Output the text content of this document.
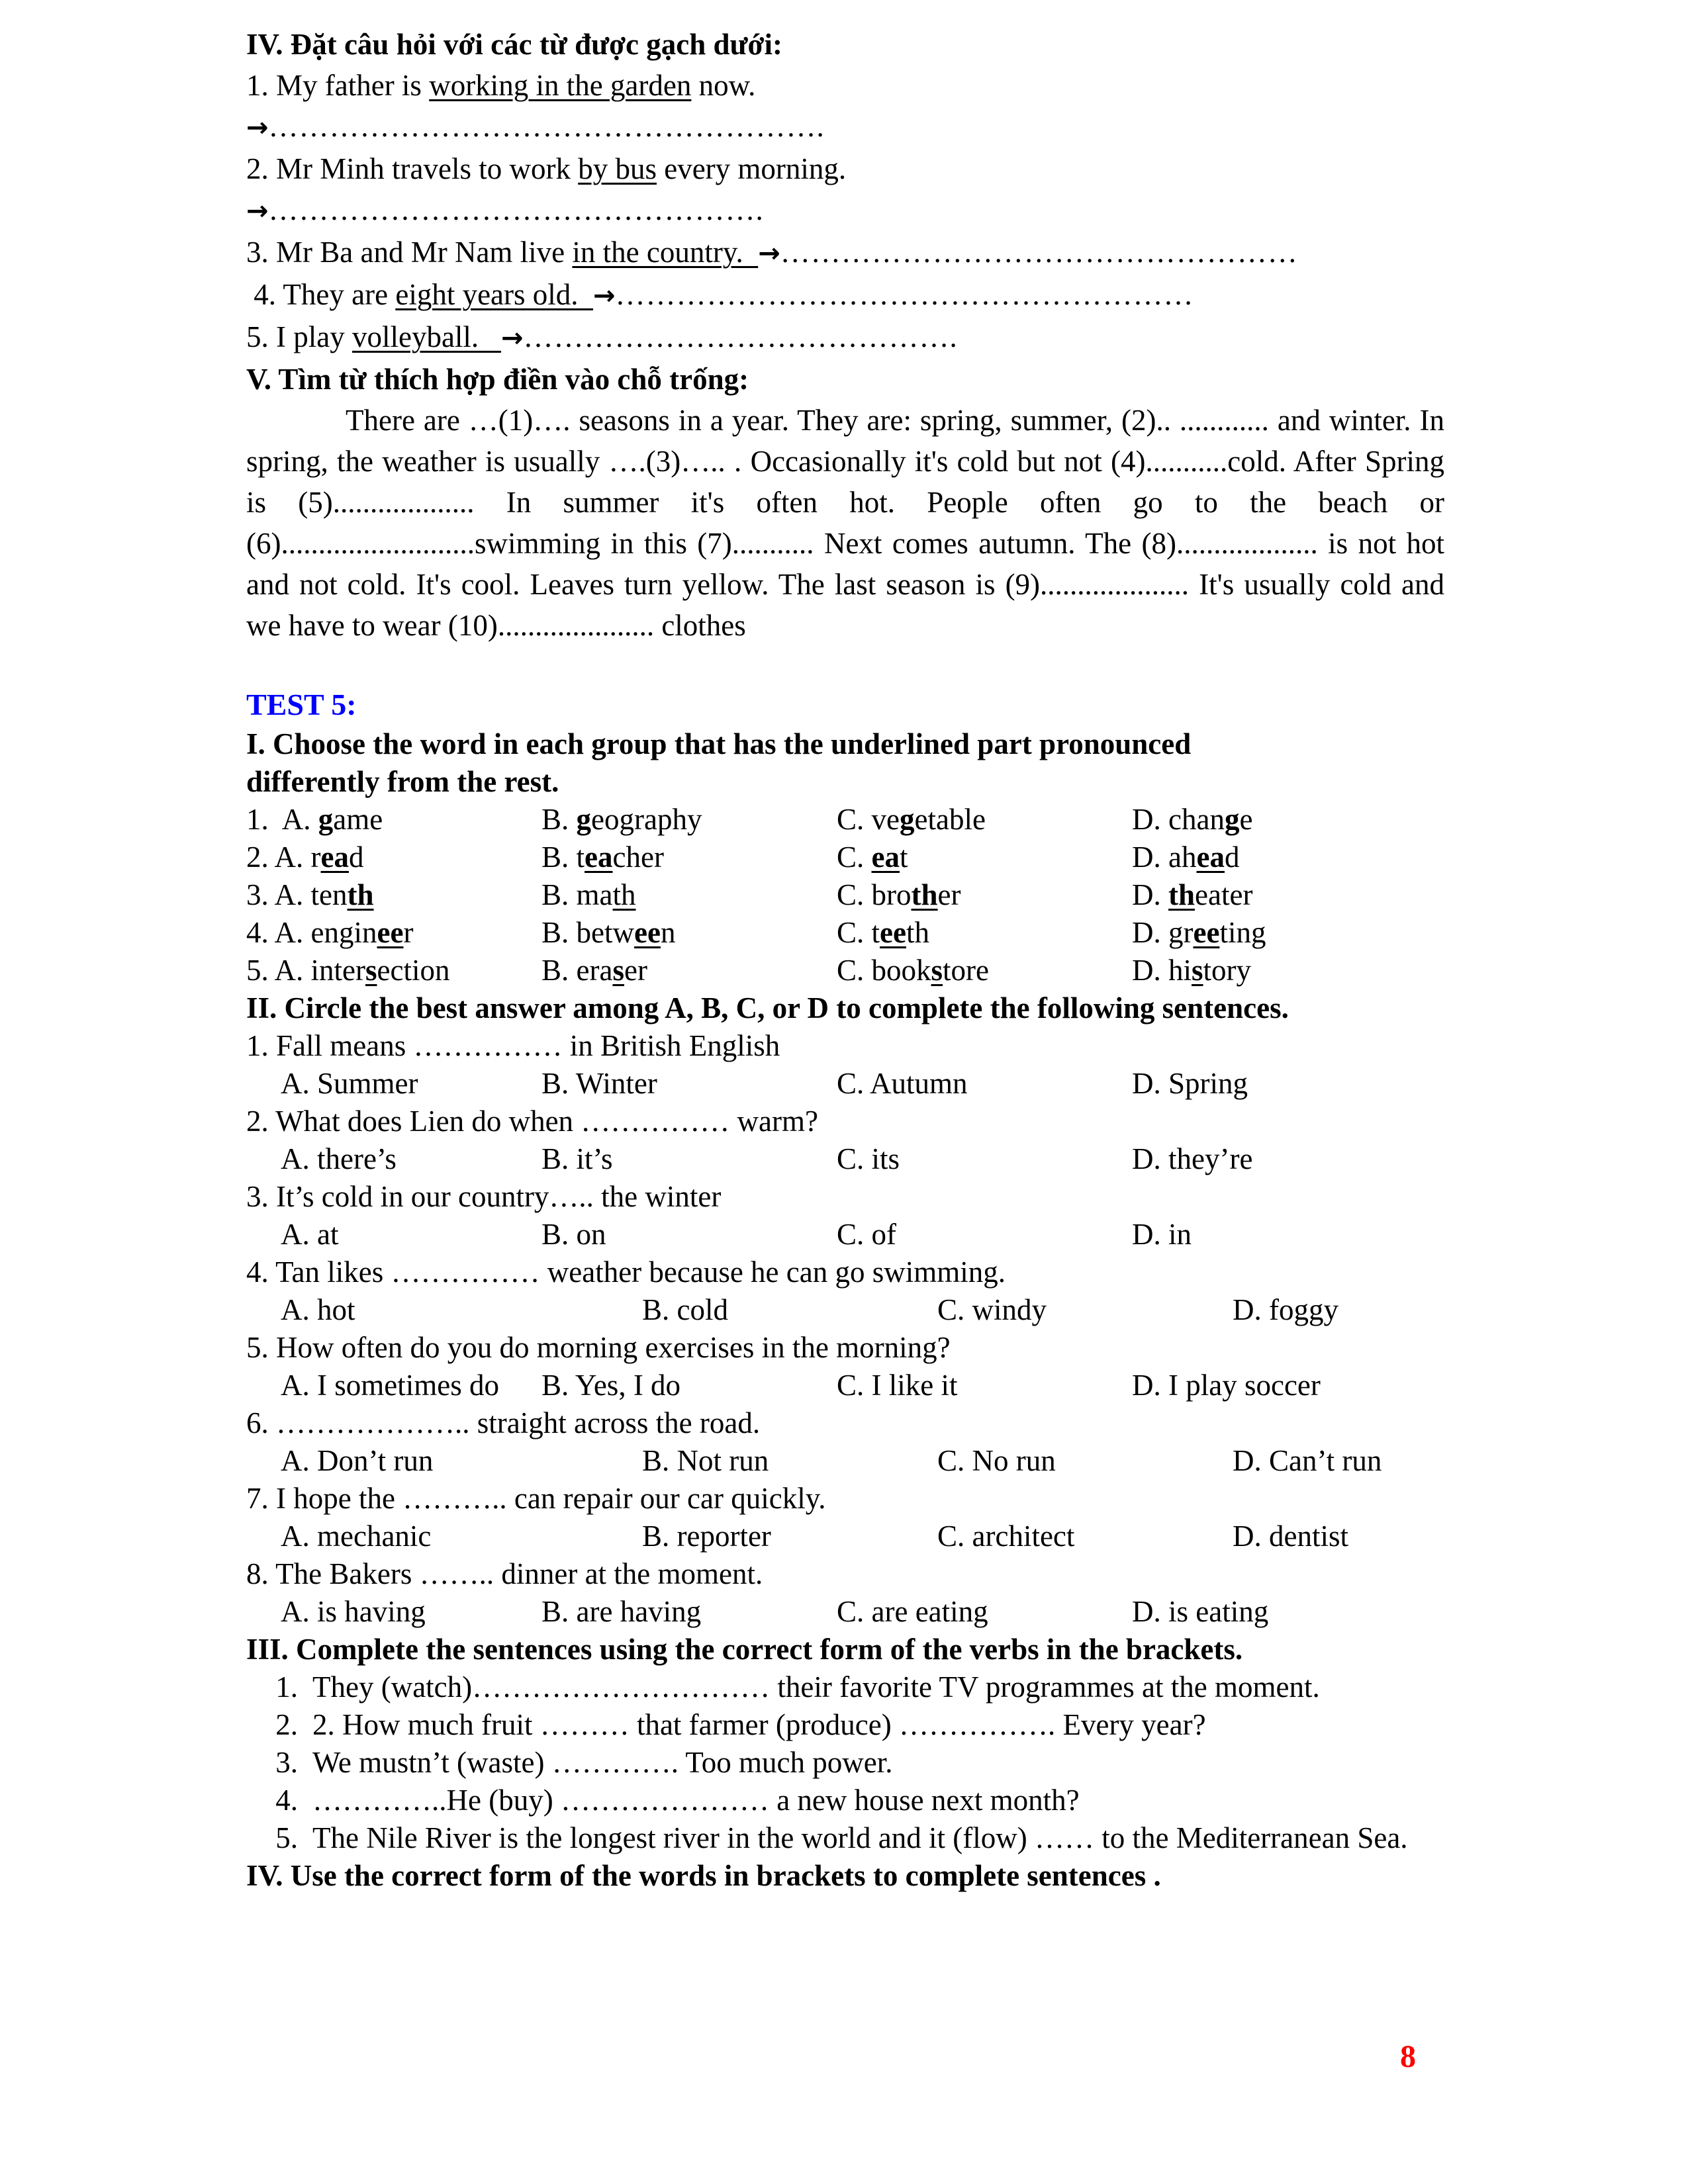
IV. Đặt câu hỏi với các từ được gạch dưới:
1. My father is working in the garden now.
→……………………………………………….
2. Mr Minh travels to work by bus every morning.
→………………………………………….
3. Mr Ba and Mr Nam live in the country.  →……………………………………………
4. They are eight years old.  →…………………………………………………
5. I play volleyball.   →…………………………………….
V. Tìm từ thích hợp điền vào chỗ trống:
There are …(1)…. seasons in a year. They are: spring, summer, (2).. ............ and winter. In spring, the weather is usually ….(3)….. . Occasionally it's cold but not (4)...........cold. After Spring is (5)................... In summer it's often hot. People often go to the beach or (6)..........................swimming in this (7)........... Next comes autumn. The (8)................... is not hot and not cold. It's cool. Leaves turn yellow. The last season is (9).................... It's usually cold and we have to wear (10)..................... clothes
TEST 5:
I. Choose the word in each group that has the underlined part pronounced
differently from the rest.
1.  A. game	B. geography	C. vegetable	D. change
2. A. read	B. teacher	C. eat	D. ahead
3. A. tenth	B. math	C. brother	D. theater
4. A. engineer	B. between	C. teeth	D. greeting
5. A. intersection	B. eraser	C. bookstore	D. history
II. Circle the best answer among A, B, C, or D to complete the following sentences.
1. Fall means …………… in British English
A. Summer	B. Winter	C. Autumn	D. Spring
2. What does Lien do when …………… warm?
A. there’s	B. it’s	C. its	D. they’re
3. It’s cold in our country….. the winter
A. at	B. on	C. of	D. in
4. Tan likes …………… weather because he can go swimming.
A. hot	B. cold	C. windy	D. foggy
5. How often do you do morning exercises in the morning?
A. I sometimes do	B. Yes, I do	C. I like it	D. I play soccer
6. ……………….. straight across the road.
A. Don’t run	B. Not run	C. No run	D. Can’t run
7. I hope the ……….. can repair our car quickly.
A. mechanic	B. reporter	C. architect	D. dentist
8. The Bakers …….. dinner at the moment.
A. is having	B. are having	C. are eating	D. is eating
III. Complete the sentences using the correct form of the verbs in the brackets.
1. They (watch)………………………… their favorite TV programmes at the moment.
2. 2. How much fruit ……… that farmer (produce) ……………. Every year?
3. We mustn’t (waste) …………. Too much power.
4. …………..He (buy) ………………… a new house next month?
5. The Nile River is the longest river in the world and it (flow) …… to the Mediterranean Sea.
IV. Use the correct form of the words in brackets to complete sentences .
8
